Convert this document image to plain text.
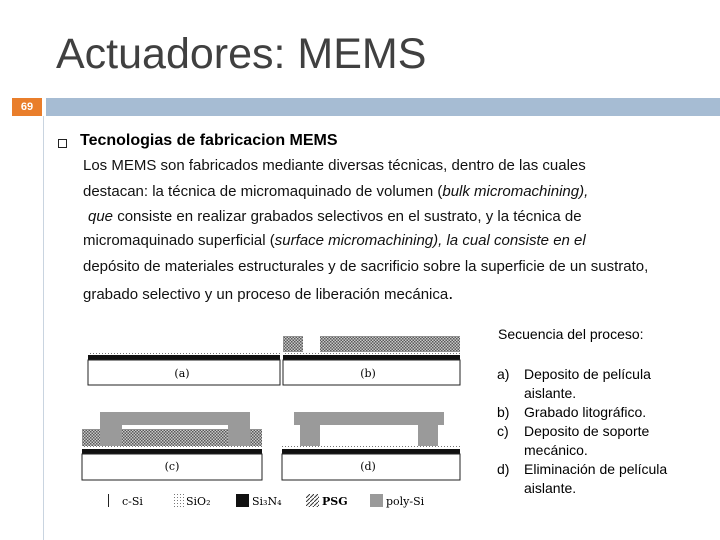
Actuadores: MEMS
69
Tecnologias de fabricacion MEMS
Los MEMS son fabricados mediante diversas técnicas, dentro de las cuales
destacan: la técnica de micromaquinado de volumen (bulk micromachining),
que consiste en realizar grabados selectivos en el sustrato, y la técnica de
micromaquinado superficial (surface micromachining), la cual consiste en el
depósito de materiales estructurales y de sacrificio sobre la superficie de un sustrato,
grabado selectivo y un proceso de liberación mecánica.
Secuencia del proceso:
a)	Deposito de película aislante.
b)	Grabado litográfico.
c)	Deposito de soporte mecánico.
d)	Eliminación de película aislante.
(a)	(b)
(c)	(d)
c-Si	SiO₂	Si₃N₄	PSG	poly-Si
